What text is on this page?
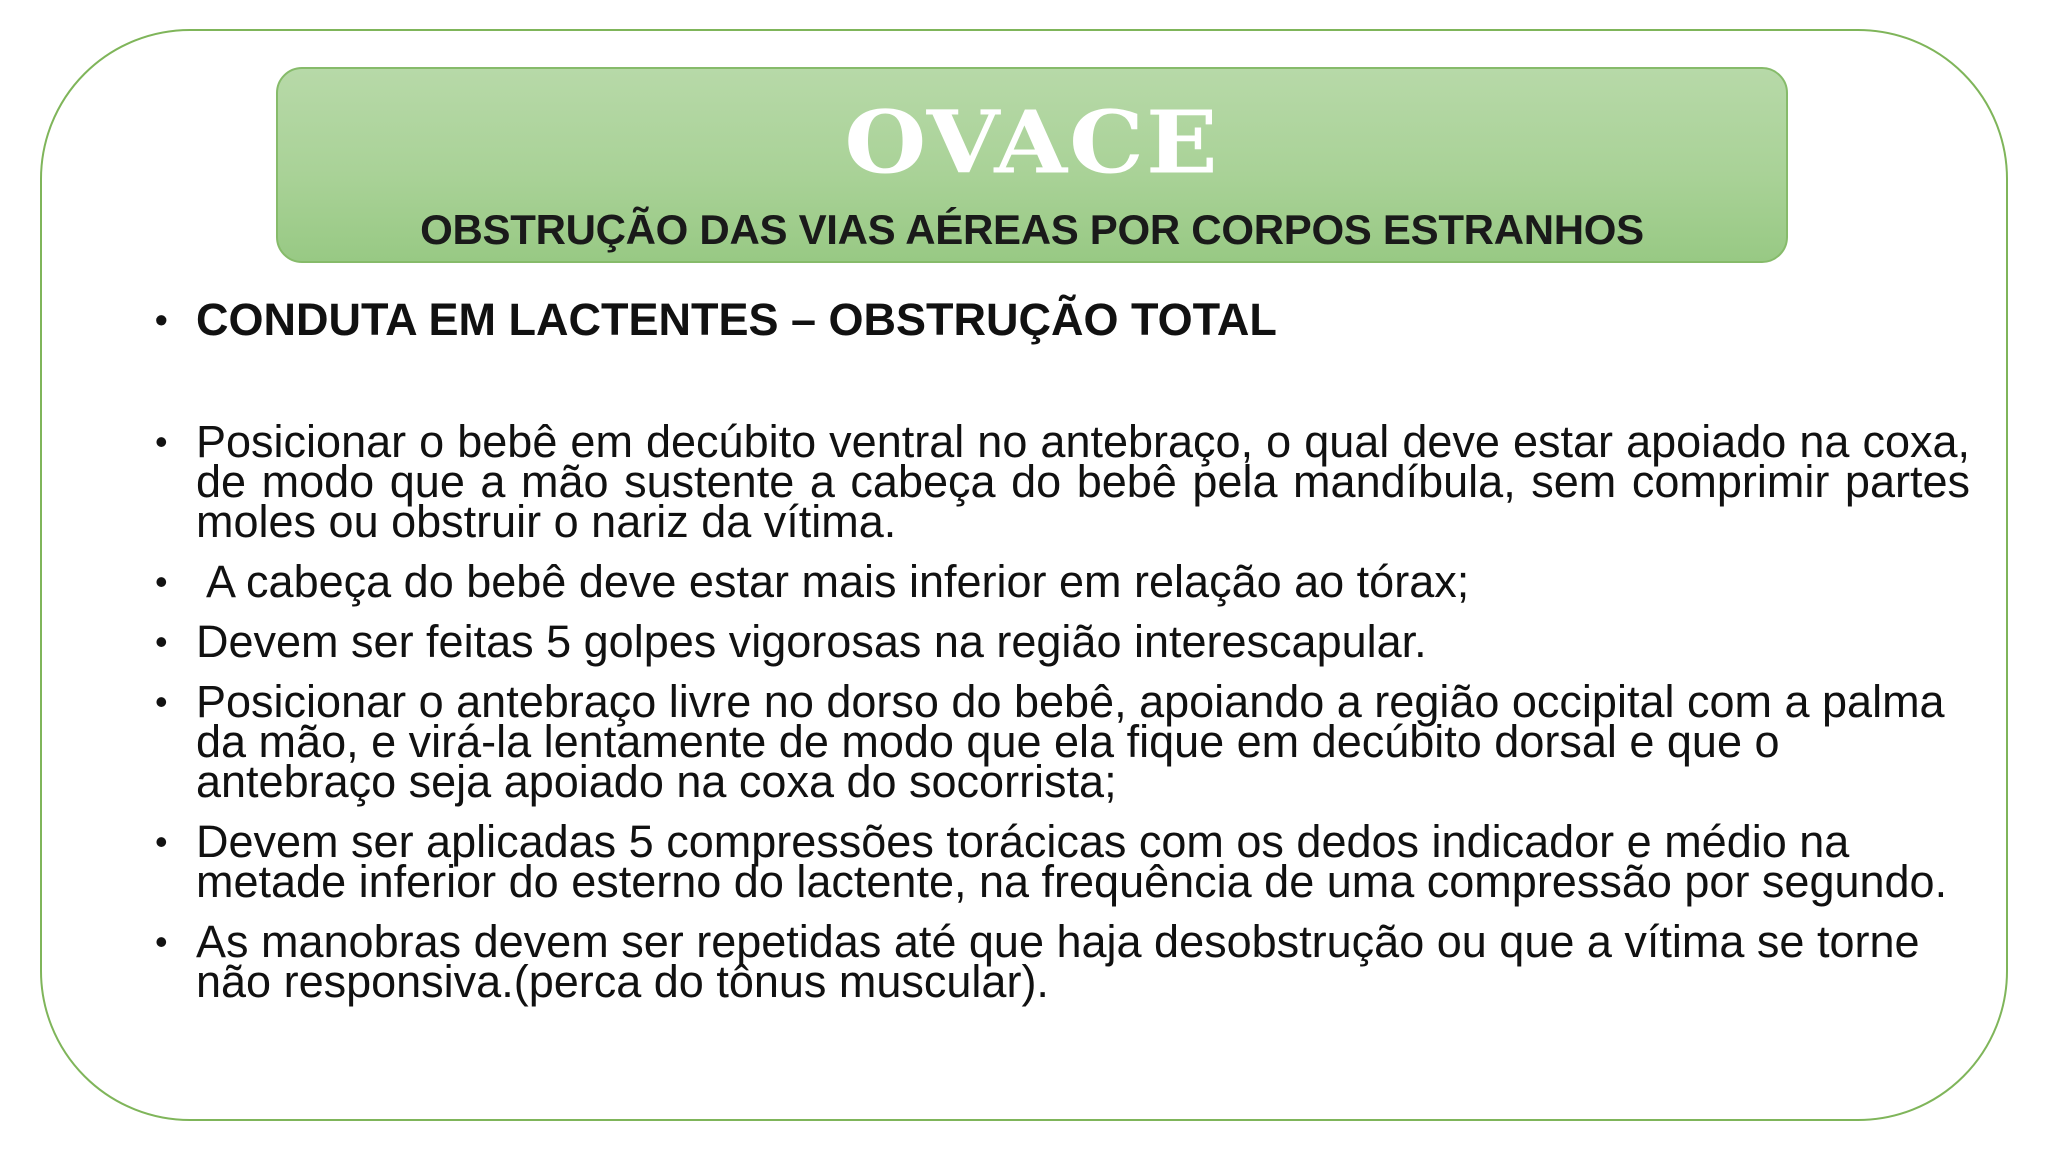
OVACE
OBSTRUÇÃO DAS VIAS AÉREAS POR CORPOS ESTRANHOS
• CONDUTA EM LACTENTES – OBSTRUÇÃO TOTAL
• Posicionar o bebê em decúbito ventral no antebraço, o qual deve estar apoiado na coxa, de modo que a mão sustente a cabeça do bebê pela mandíbula, sem comprimir partes moles ou obstruir o nariz da vítima.
• A cabeça do bebê deve estar mais inferior em relação ao tórax;
• Devem ser feitas 5 golpes vigorosas na região interescapular.
• Posicionar o antebraço livre no dorso do bebê, apoiando a região occipital com a palma da mão, e virá-la lentamente de modo que ela fique em decúbito dorsal e que o antebraço seja apoiado na coxa do socorrista;
• Devem ser aplicadas 5 compressões torácicas com os dedos indicador e médio na metade inferior do esterno do lactente, na frequência de uma compressão por segundo.
• As manobras devem ser repetidas até que haja desobstrução ou que a vítima se torne não responsiva.(perca do tônus muscular).
